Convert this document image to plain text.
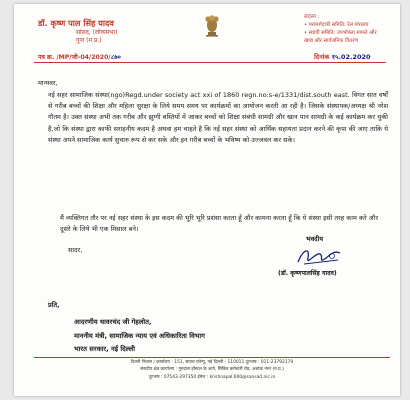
डॉ. कृष्ण पाल सिंह यादव
सांसद, (लोकसभा)
गुना (म.प्र.)
सदस्य :
• परामर्शदात्री समिति: रेल मंत्रालय
• स्थायी समिति: उपभोक्ता मामले और
खाद्य और सार्वजनिक वितरण
पत्र क्र. /MP/जी-04/2020/८७०	दिनांक १५.02.2020
मान्यवर,
नई सहर सामाजिक संस्था(ngo)Regd.under society act xxi of 1860 regn.no:s-e/1331/dist.south east. विगत सात वर्षों से गरीब बच्चों की शिक्षा और महिला सुरक्षा के लिये समय समय पर कार्यक्रमों का आयोजन करती आ रही है। जिसके संस्थापक/अध्यक्ष श्री नरेश गौतम है। उक्त संस्था अभी तक गरीब और झुग्गी बस्तियों में जाकर बच्चों को शिक्षा संबंधी सामग्री और खान पान सामग्री के कई कार्यक्रम कर चुकी है,जो कि संस्था द्वारा काफी सराहनीय कदम है अथवा हम चाहते है कि नई सहर संस्था को आर्थिक सहायता प्रदान करने की कृपा की जाए ताकि ये संस्था अपने सामाजिक कार्य सुचारु रूप से कर सके और इन गरीब बच्चों के भविष्य को उज्जवल कर सके।
मैं व्यक्तिगत तौर पर नई सहर संस्था के इस कदम की भूरि भूरि प्रशंसा करता हूँ और कामना करता हूँ कि ये संस्था इसी तरह काम करे और दूसरे के लिये भी एक मिसाल बने।
सादर,
भवदीय
(डॉ. कृष्णपालसिंह यादव)
प्रति,
आदरणीय थावरचंद जी गेहलोत,
माननीय मंत्री, सामाजिक न्याय एवं अधिकारिता विभाग
भारत सरकार, नई दिल्ली
दिल्ली निवास / कार्यालय : 151, साउथ एवेन्यू, नई दिल्ली - 110011 दूरभाष : 011-23792179
संसदीय क्षेत्र कार्यालय : गुरुदास हॉस्टल के आगे, सिविल कर्मचारी रोड, अशोक नगर (म.प्र.)
दूरभाष : 07543-297350 ईमेल : krishnapal.600@sansad.nic.in
